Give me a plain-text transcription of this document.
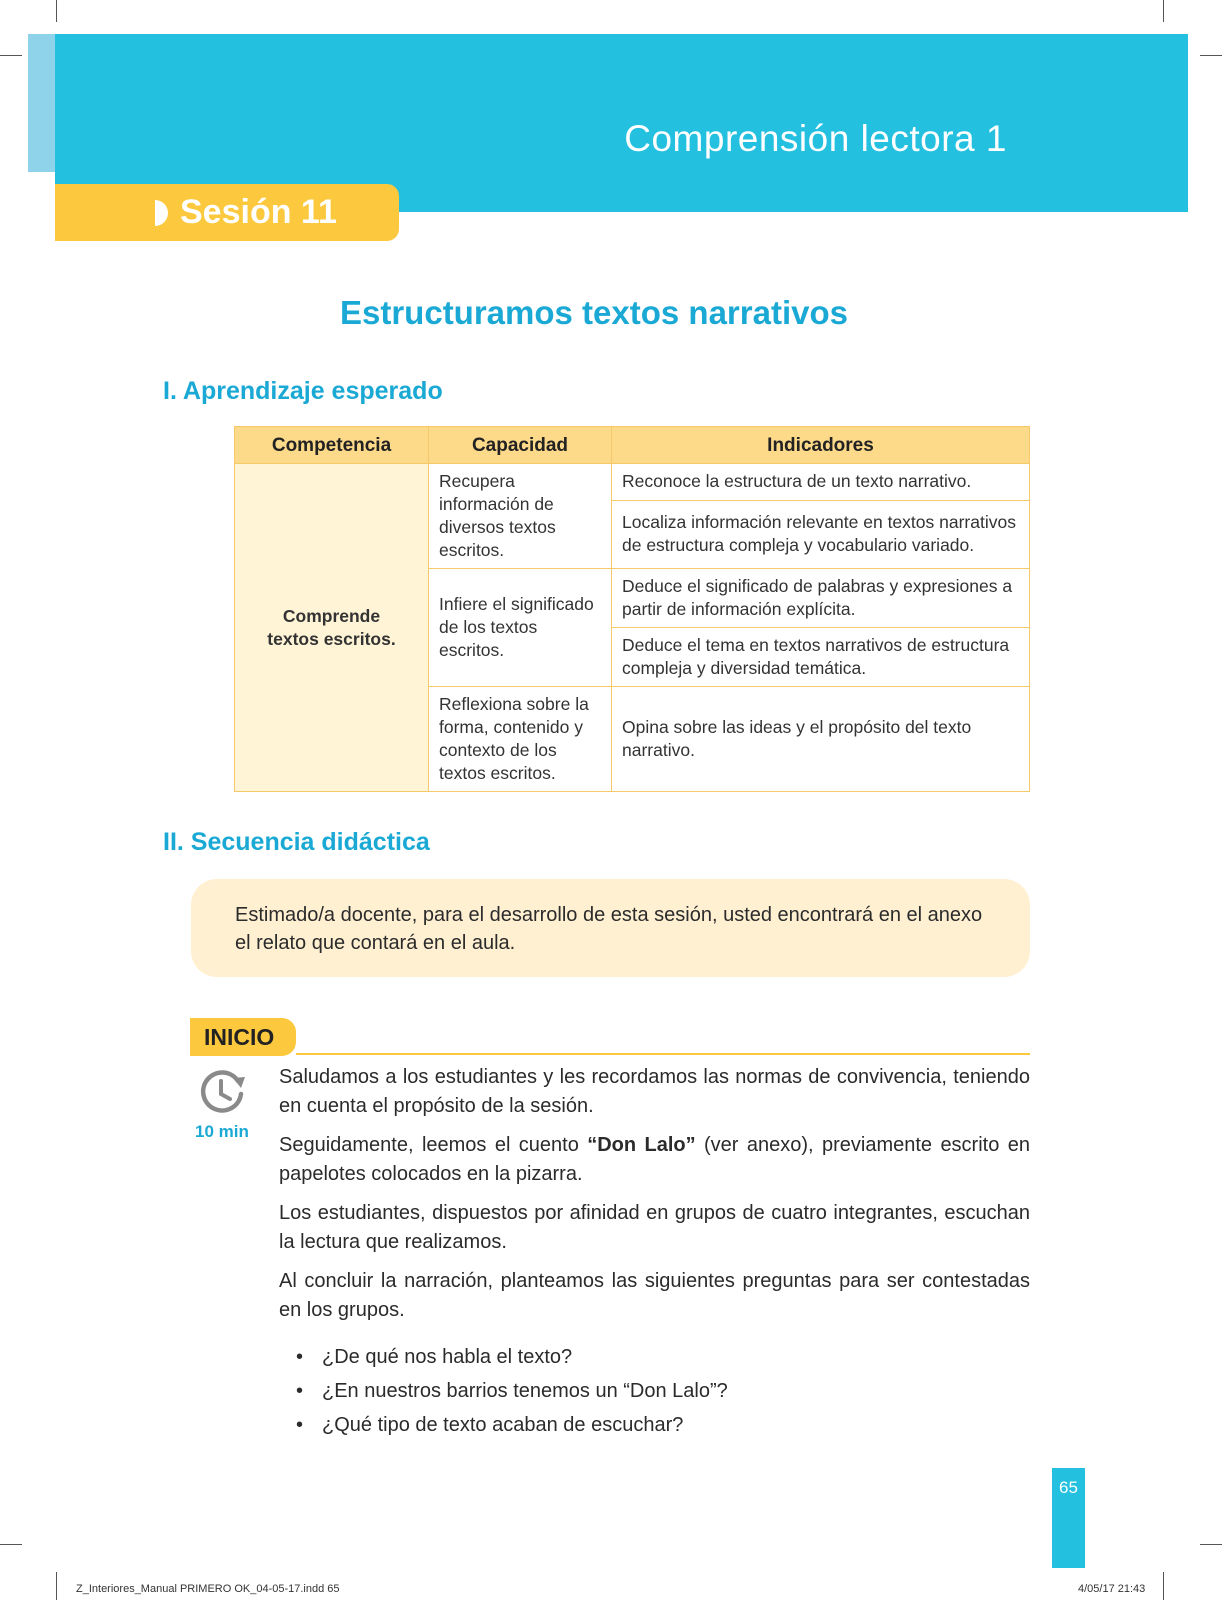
Comprensión lectora 1
Sesión 11
Estructuramos textos narrativos
I. Aprendizaje esperado
Competencia	Capacidad	Indicadores
Comprende textos escritos.	Recupera información de diversos textos escritos.	Reconoce la estructura de un texto narrativo.
		Localiza información relevante en textos narrativos de estructura compleja y vocabulario variado.
	Infiere el significado de los textos escritos.	Deduce el significado de palabras y expresiones a partir de información explícita.
		Deduce el tema en textos narrativos de estructura compleja y diversidad temática.
	Reflexiona sobre la forma, contenido y contexto de los textos escritos.	Opina sobre las ideas y el propósito del texto narrativo.
II. Secuencia didáctica

Estimado/a docente, para el desarrollo de esta sesión, usted encontrará en el anexo el relato que contará en el aula.

INICIO
10 min

Saludamos a los estudiantes y les recordamos las normas de convivencia, teniendo en cuenta el propósito de la sesión.

Seguidamente, leemos el cuento “Don Lalo” (ver anexo), previamente escrito en papelotes colocados en la pizarra.

Los estudiantes, dispuestos por afinidad en grupos de cuatro integrantes, escuchan la lectura que realizamos.

Al concluir la narración, planteamos las siguientes preguntas para ser contestadas en los grupos.

• ¿De qué nos habla el texto?
• ¿En nuestros barrios tenemos un “Don Lalo”?
• ¿Qué tipo de texto acaban de escuchar?
65
Z_Interiores_Manual PRIMERO OK_04-05-17.indd 65	4/05/17 21:43
